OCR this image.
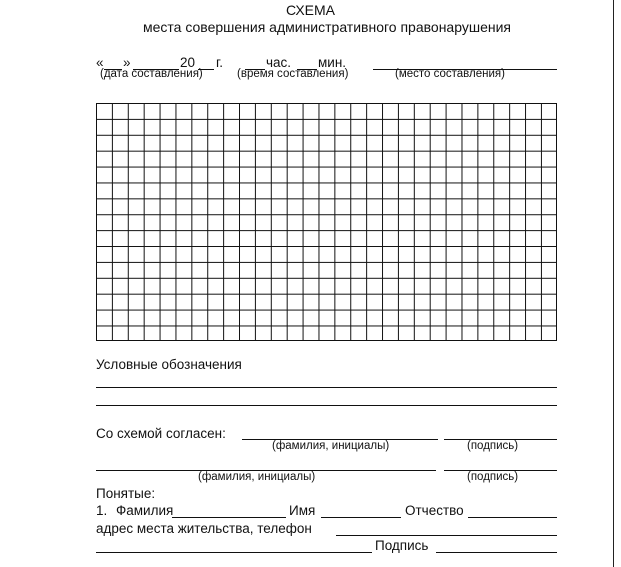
СХЕМА
места совершения административного правонарушения
« »	20 г.	час. мин.
(дата составления)	(время составления)	(место составления)
Условные обозначения
Со схемой согласен:
(фамилия, инициалы)	(подпись)
(фамилия, инициалы)	(подпись)
Понятые:
1. Фамилия	Имя	Отчество
адрес места жительства, телефон
Подпись
